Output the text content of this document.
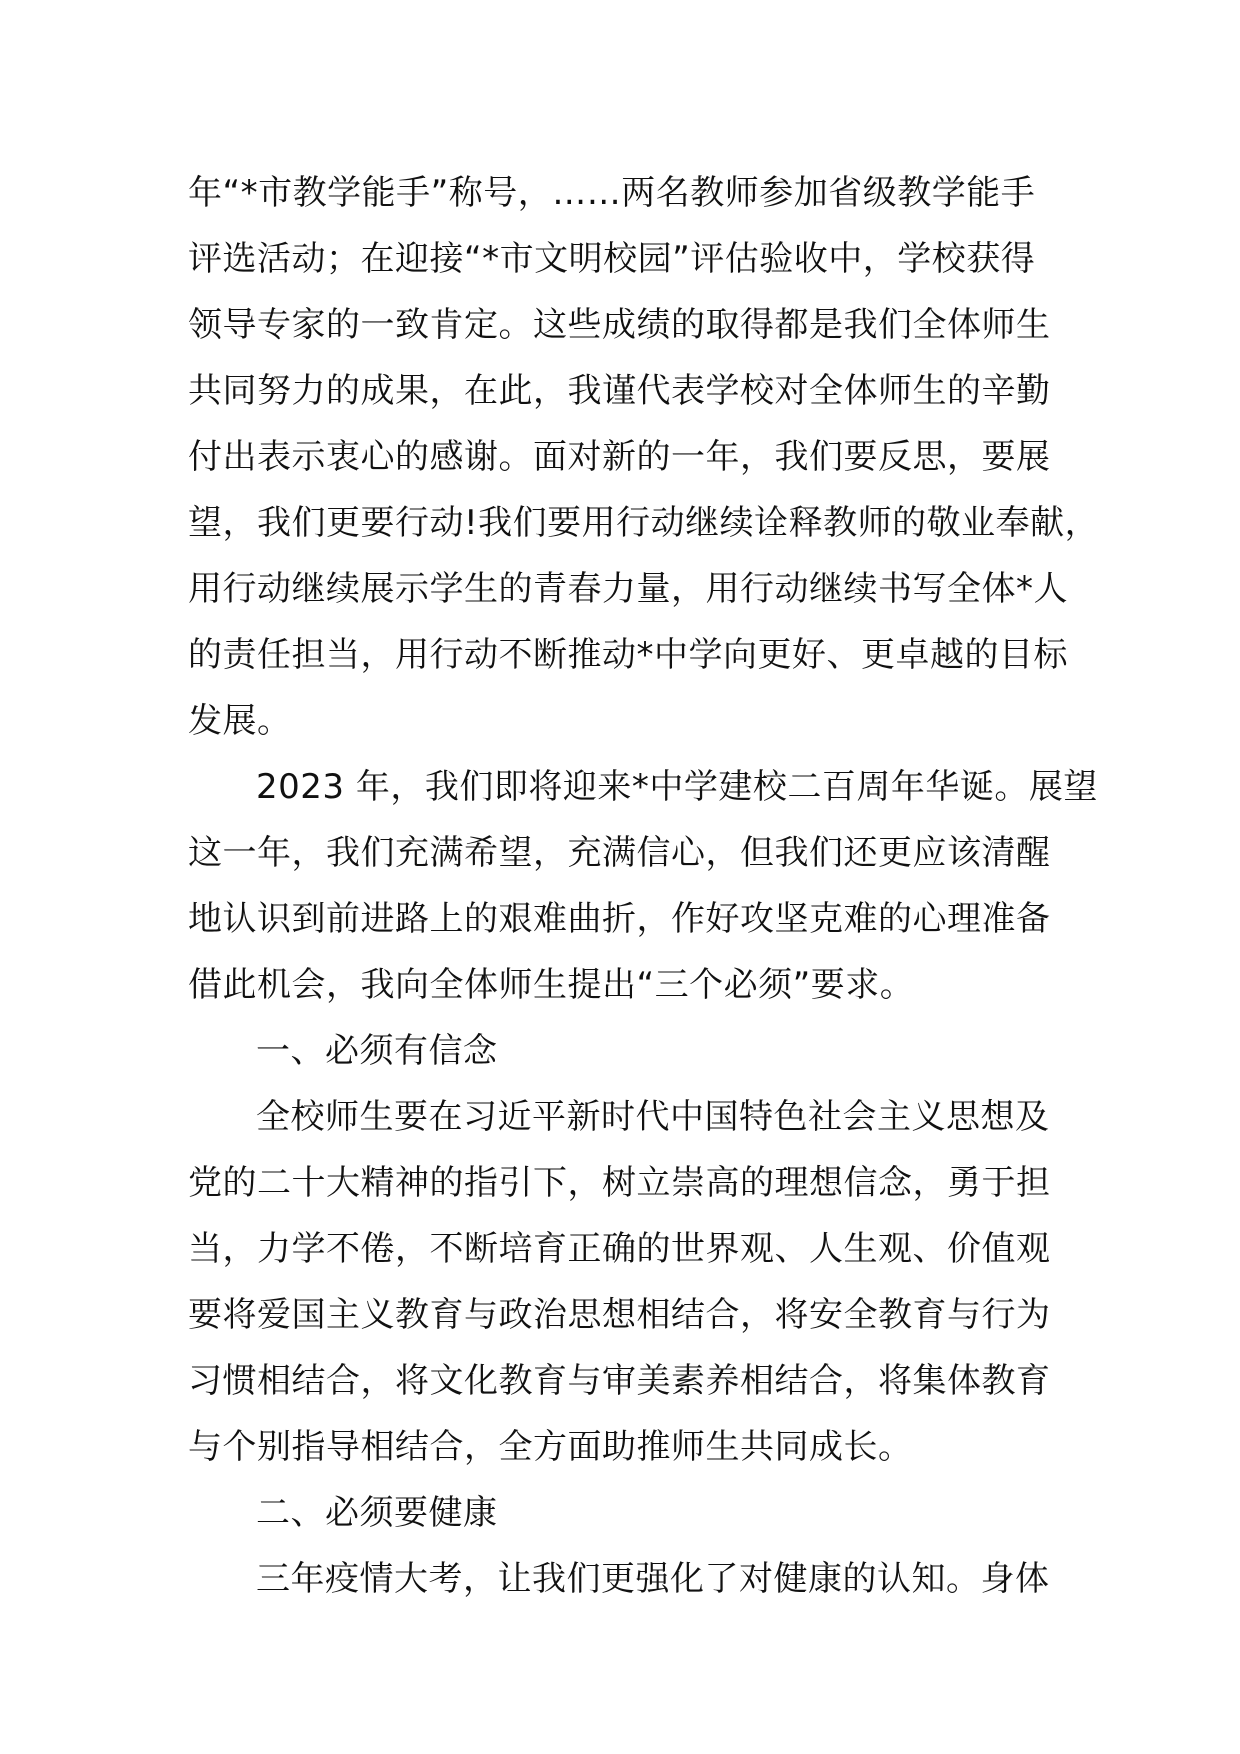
年“*市教学能手”称号，……两名教师参加省级教学能手
评选活动；在迎接“*市文明校园”评估验收中，学校获得
领导专家的一致肯定。这些成绩的取得都是我们全体师生
共同努力的成果，在此，我谨代表学校对全体师生的辛勤
付出表示衷心的感谢。面对新的一年，我们要反思，要展
望，我们更要行动!我们要用行动继续诠释教师的敬业奉献，
用行动继续展示学生的青春力量，用行动继续书写全体*人
的责任担当，用行动不断推动*中学向更好、更卓越的目标
发展。
2023 年，我们即将迎来*中学建校二百周年华诞。展望
这一年，我们充满希望，充满信心，但我们还更应该清醒
地认识到前进路上的艰难曲折，作好攻坚克难的心理准备
借此机会，我向全体师生提出“三个必须”要求。
一、必须有信念
全校师生要在习近平新时代中国特色社会主义思想及
党的二十大精神的指引下，树立崇高的理想信念，勇于担
当，力学不倦，不断培育正确的世界观、人生观、价值观
要将爱国主义教育与政治思想相结合，将安全教育与行为
习惯相结合，将文化教育与审美素养相结合，将集体教育
与个别指导相结合，全方面助推师生共同成长。
二、必须要健康
三年疫情大考，让我们更强化了对健康的认知。身体
